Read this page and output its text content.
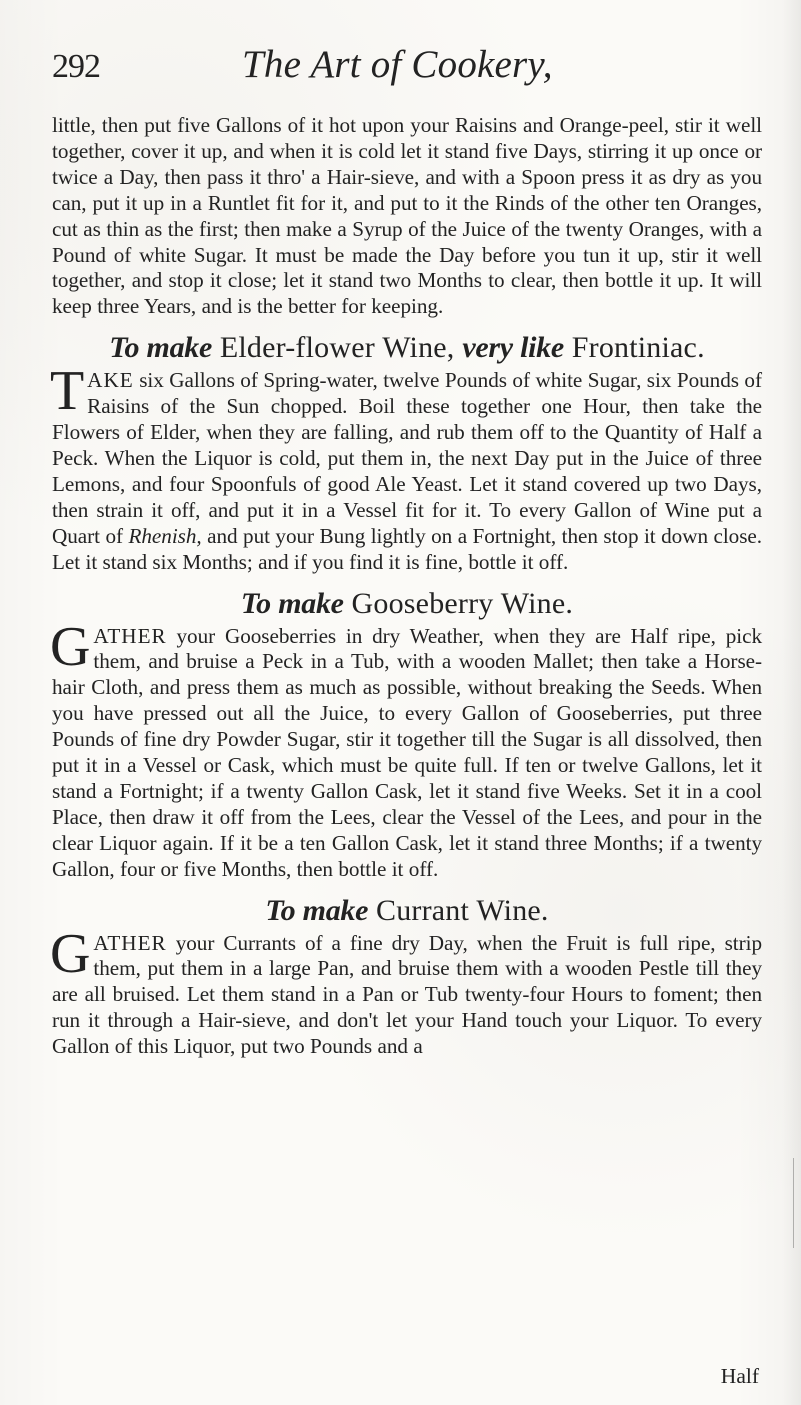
292	The Art of Cookery,

little, then put five Gallons of it hot upon your Raisins and Orange-peel, stir it well together, cover it up, and when it is cold let it stand five Days, stirring it up once or twice a Day, then pass it thro' a Hair-sieve, and with a Spoon press it as dry as you can, put it up in a Runtlet fit for it, and put to it the Rinds of the other ten Oranges, cut as thin as the first; then make a Syrup of the Juice of the twenty Oranges, with a Pound of white Sugar. It must be made the Day before you tun it up, stir it well together, and stop it close; let it stand two Months to clear, then bottle it up. It will keep three Years, and is the better for keeping.

To make Elder-flower Wine, very like Frontiniac.

TAKE six Gallons of Spring-water, twelve Pounds of white Sugar, six Pounds of Raisins of the Sun chopped. Boil these together one Hour, then take the Flowers of Elder, when they are falling, and rub them off to the Quantity of Half a Peck. When the Liquor is cold, put them in, the next Day put in the Juice of three Lemons, and four Spoonfuls of good Ale Yeast. Let it stand covered up two Days, then strain it off, and put it in a Vessel fit for it. To every Gallon of Wine put a Quart of Rhenish, and put your Bung lightly on a Fortnight, then stop it down close. Let it stand six Months; and if you find it is fine, bottle it off.

To make Gooseberry Wine.

GATHER your Gooseberries in dry Weather, when they are Half ripe, pick them, and bruise a Peck in a Tub, with a wooden Mallet; then take a Horse-hair Cloth, and press them as much as possible, without breaking the Seeds. When you have pressed out all the Juice, to every Gallon of Gooseberries, put three Pounds of fine dry Powder Sugar, stir it together till the Sugar is all dissolved, then put it in a Vessel or Cask, which must be quite full. If ten or twelve Gallons, let it stand a Fortnight; if a twenty Gallon Cask, let it stand five Weeks. Set it in a cool Place, then draw it off from the Lees, clear the Vessel of the Lees, and pour in the clear Liquor again. If it be a ten Gallon Cask, let it stand three Months; if a twenty Gallon, four or five Months, then bottle it off.

To make Currant Wine.

GATHER your Currants of a fine dry Day, when the Fruit is full ripe, strip them, put them in a large Pan, and bruise them with a wooden Pestle till they are all bruised. Let them stand in a Pan or Tub twenty-four Hours to foment; then run it through a Hair-sieve, and don't let your Hand touch your Liquor. To every Gallon of this Liquor, put two Pounds and a

Half
